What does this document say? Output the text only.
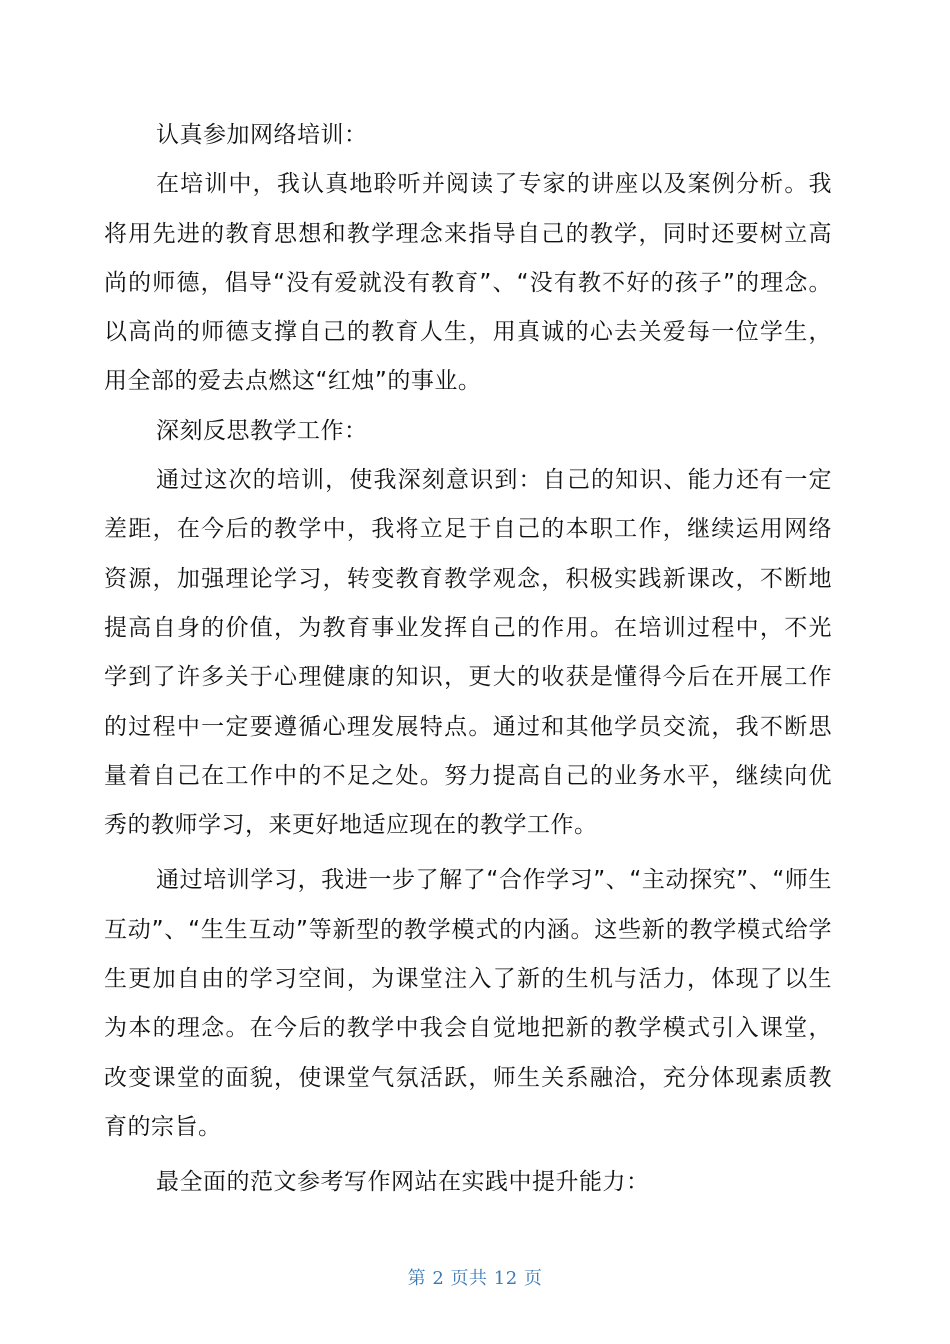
认真参加网络培训：

在培训中，我认真地聆听并阅读了专家的讲座以及案例分析。我将用先进的教育思想和教学理念来指导自己的教学，同时还要树立高尚的师德，倡导“没有爱就没有教育”、“没有教不好的孩子”的理念。以高尚的师德支撑自己的教育人生，用真诚的心去关爱每一位学生，用全部的爱去点燃这“红烛”的事业。

深刻反思教学工作：

通过这次的培训，使我深刻意识到：自己的知识、能力还有一定差距，在今后的教学中，我将立足于自己的本职工作，继续运用网络资源，加强理论学习，转变教育教学观念，积极实践新课改，不断地提高自身的价值，为教育事业发挥自己的作用。在培训过程中，不光学到了许多关于心理健康的知识，更大的收获是懂得今后在开展工作的过程中一定要遵循心理发展特点。通过和其他学员交流，我不断思量着自己在工作中的不足之处。努力提高自己的业务水平，继续向优秀的教师学习，来更好地适应现在的教学工作。

通过培训学习，我进一步了解了“合作学习”、“主动探究”、“师生互动”、“生生互动”等新型的教学模式的内涵。这些新的教学模式给学生更加自由的学习空间，为课堂注入了新的生机与活力，体现了以生为本的理念。在今后的教学中我会自觉地把新的教学模式引入课堂，改变课堂的面貌，使课堂气氛活跃，师生关系融洽，充分体现素质教育的宗旨。

最全面的范文参考写作网站在实践中提升能力：

第 2 页共 12 页
